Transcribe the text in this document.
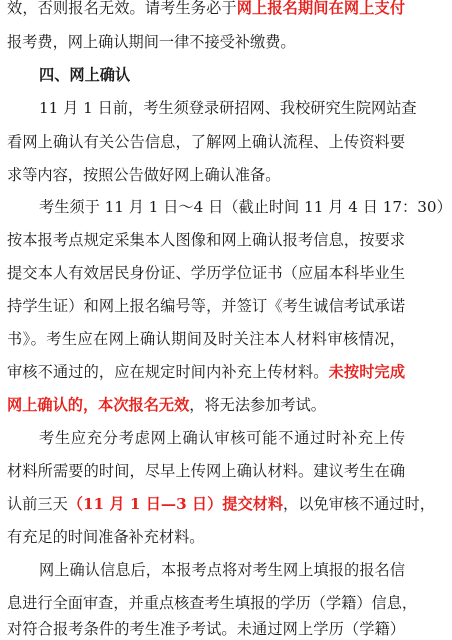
效，否则报名无效。请考生务必于网上报名期间在网上支付
报考费，网上确认期间一律不接受补缴费。
四、网上确认
11 月 1 日前，考生须登录研招网、我校研究生院网站查
看网上确认有关公告信息，了解网上确认流程、上传资料要
求等内容，按照公告做好网上确认准备。
考生须于 11 月 1 日～4 日（截止时间 11 月 4 日 17：30）
按本报考点规定采集本人图像和网上确认报考信息，按要求
提交本人有效居民身份证、学历学位证书（应届本科毕业生
持学生证）和网上报名编号等，并签订《考生诚信考试承诺
书》。考生应在网上确认期间及时关注本人材料审核情况，
审核不通过的，应在规定时间内补充上传材料。未按时完成
网上确认的，本次报名无效，将无法参加考试。
考生应充分考虑网上确认审核可能不通过时补充上传
材料所需要的时间，尽早上传网上确认材料。建议考生在确
认前三天（11 月 1 日—3 日）提交材料，以免审核不通过时，
有充足的时间准备补充材料。
网上确认信息后，本报考点将对考生网上填报的报名信
息进行全面审查，并重点核查考生填报的学历（学籍）信息，
对符合报考条件的考生准予考试。未通过网上学历（学籍）
